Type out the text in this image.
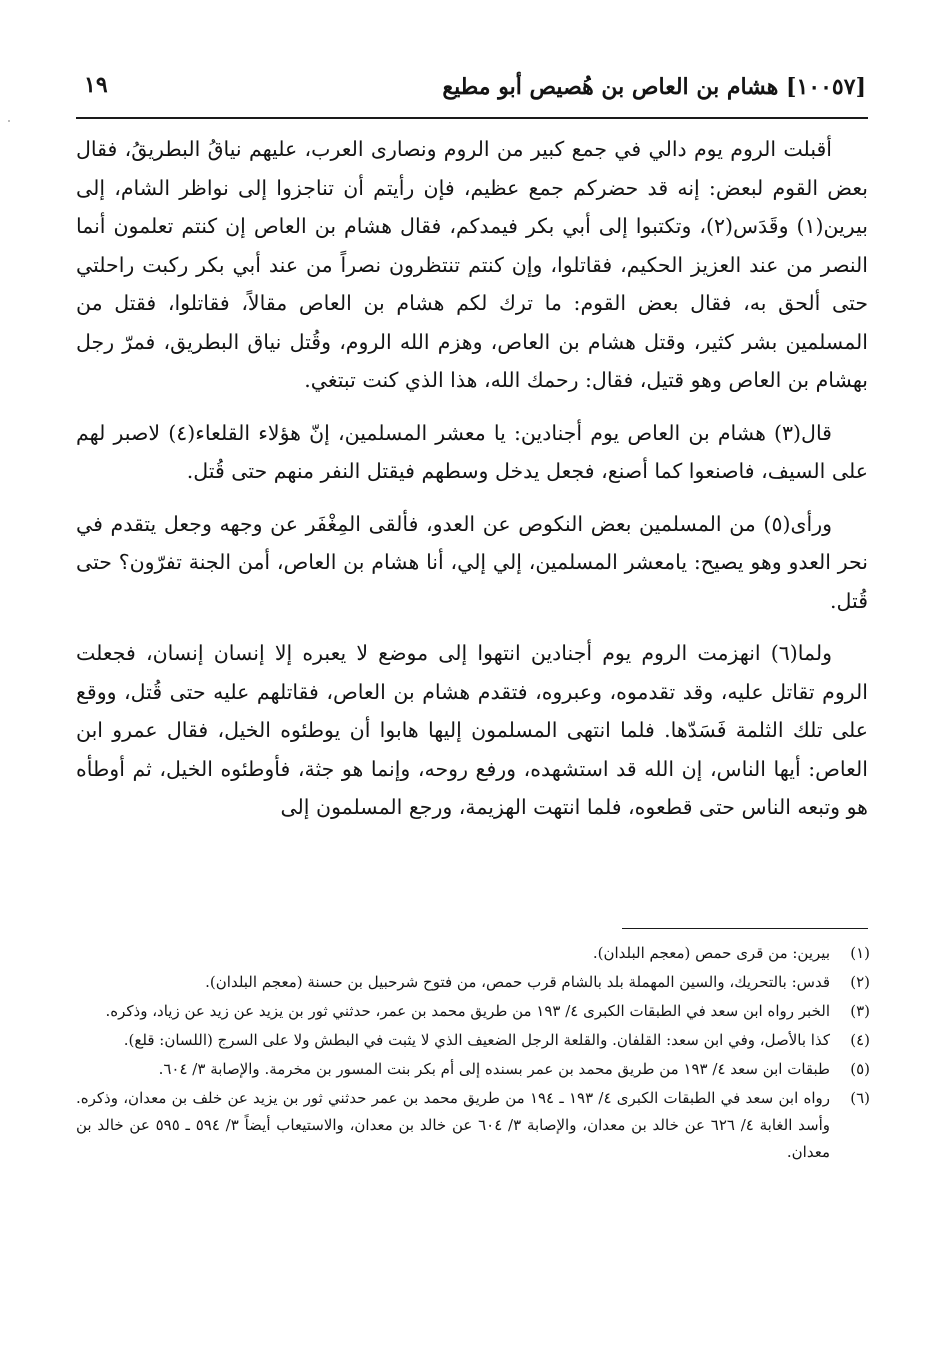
[١٠٠٥٧] هشام بن العاص بن هُصيص أبو مطيع
١٩

أقبلت الروم يوم دالي في جمع كبير من الروم ونصارى العرب، عليهم نياقُ البطريقُ، فقال بعض القوم لبعض: إنه قد حضركم جمع عظيم، فإن رأيتم أن تناجزوا إلى نواظر الشام، إلى بيرين(١) وقَدَس(٢)، وتكتبوا إلى أبي بكر فيمدكم، فقال هشام بن العاص إن كنتم تعلمون أنما النصر من عند العزيز الحكيم، فقاتلوا، وإن كنتم تنتظرون نصراً من عند أبي بكر ركبت راحلتي حتى ألحق به، فقال بعض القوم: ما ترك لكم هشام بن العاص مقالاً، فقاتلوا، فقتل من المسلمين بشر كثير، وقتل هشام بن العاص، وهزم الله الروم، وقُتل نياق البطريق، فمرّ رجل بهشام بن العاص وهو قتيل، فقال: رحمك الله، هذا الذي كنت تبتغي.

قال(٣) هشام بن العاص يوم أجنادين: يا معشر المسلمين، إنّ هؤلاء القلعاء(٤) لاصبر لهم على السيف، فاصنعوا كما أصنع، فجعل يدخل وسطهم فيقتل النفر منهم حتى قُتل.

ورأى(٥) من المسلمين بعض النكوص عن العدو، فألقى المِغْفَر عن وجهه وجعل يتقدم في نحر العدو وهو يصيح: يامعشر المسلمين، إلي إلي، أنا هشام بن العاص، أمن الجنة تفرّون؟ حتى قُتل.

ولما(٦) انهزمت الروم يوم أجنادين انتهوا إلى موضع لا يعبره إلا إنسان إنسان، فجعلت الروم تقاتل عليه، وقد تقدموه، وعبروه، فتقدم هشام بن العاص، فقاتلهم عليه حتى قُتل، ووقع على تلك الثلمة فَسَدّها. فلما انتهى المسلمون إليها هابوا أن يوطئوه الخيل، فقال عمرو ابن العاص: أيها الناس، إن الله قد استشهده، ورفع روحه، وإنما هو جثة، فأوطئوه الخيل، ثم أوطأه هو وتبعه الناس حتى قطعوه، فلما انتهت الهزيمة، ورجع المسلمون إلى

(١)
بيرين: من قرى حمص (معجم البلدان).
(٢)
قدس: بالتحريك، والسين المهملة بلد بالشام قرب حمص، من فتوح شرحبيل بن حسنة (معجم البلدان).
(٣)
الخبر رواه ابن سعد في الطبقات الكبرى ٤/ ١٩٣ من طريق محمد بن عمر، حدثني ثور بن يزيد عن زيد عن زياد، وذكره.
(٤)
كذا بالأصل، وفي ابن سعد: القلفان. والقلعة الرجل الضعيف الذي لا يثبت في البطش ولا على السرج (اللسان: قلع).
(٥)
طبقات ابن سعد ٤/ ١٩٣ من طريق محمد بن عمر بسنده إلى أم بكر بنت المسور بن مخرمة. والإصابة ٣/ ٦٠٤.
(٦)
رواه ابن سعد في الطبقات الكبرى ٤/ ١٩٣ ـ ١٩٤ من طريق محمد بن عمر حدثني ثور بن يزيد عن خلف بن معدان، وذكره. وأسد الغابة ٤/ ٦٢٦ عن خالد بن معدان، والإصابة ٣/ ٦٠٤ عن خالد بن معدان، والاستيعاب أيضاً ٣/ ٥٩٤ ـ ٥٩٥ عن خالد بن معدان.
